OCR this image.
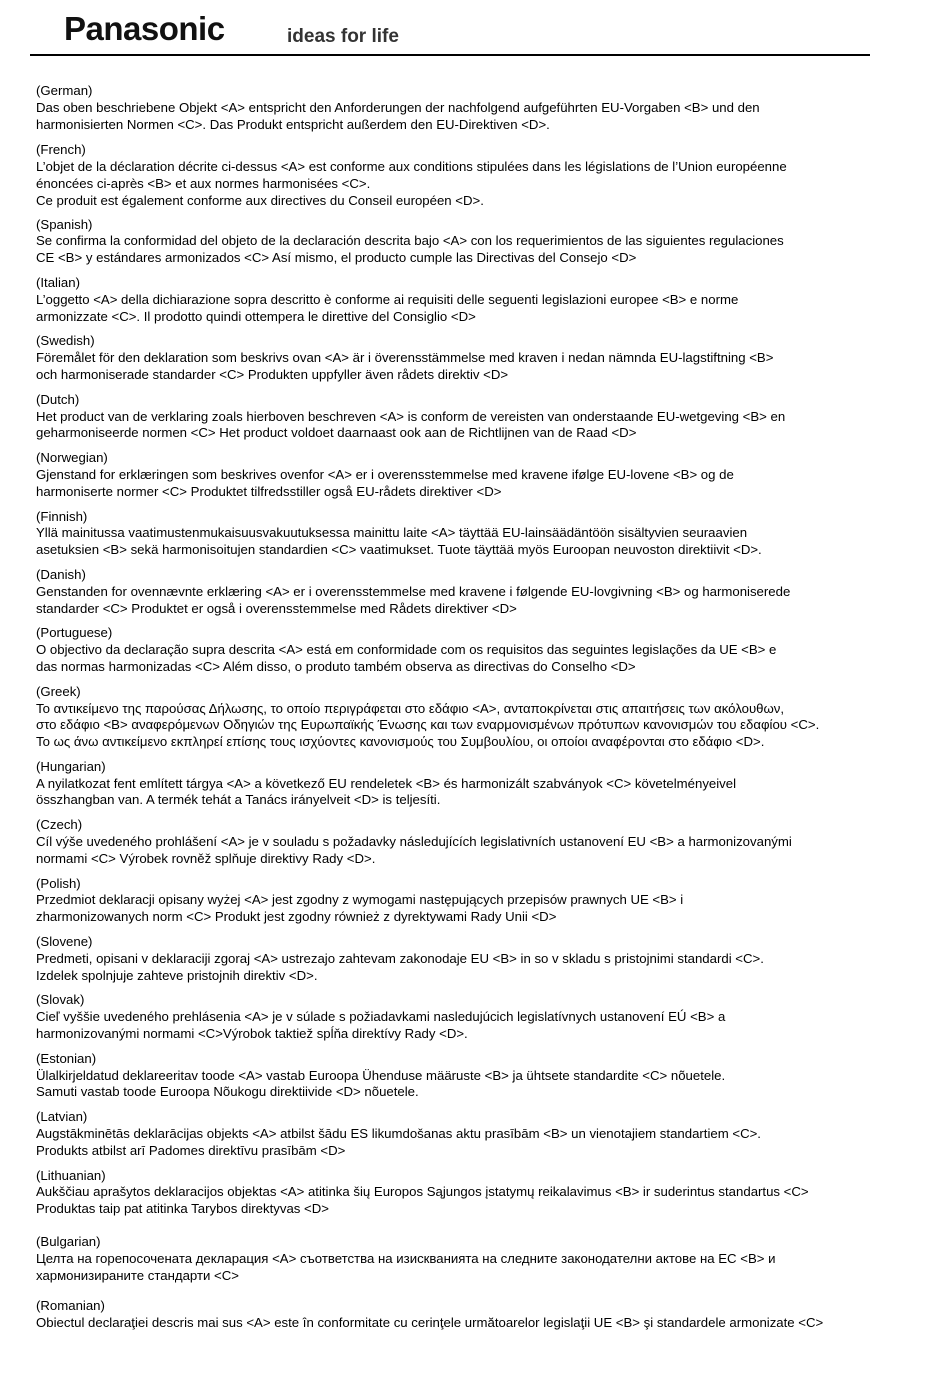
Panasonic	ideas for life
(German)
Das oben beschriebene Objekt <A> entspricht den Anforderungen der nachfolgend aufgeführten EU-Vorgaben <B> und den
harmonisierten Normen <C>. Das Produkt entspricht außerdem den EU-Direktiven <D>.
(French)
L’objet de la déclaration décrite ci-dessus <A> est conforme aux conditions stipulées dans les législations de l’Union européenne
énoncées ci-après <B> et aux normes harmonisées <C>.
Ce produit est également conforme aux directives du Conseil européen <D>.
(Spanish)
Se confirma la conformidad del objeto de la declaración descrita bajo <A> con los requerimientos de las siguientes regulaciones
CE <B> y estándares armonizados <C> Así mismo, el producto cumple las Directivas del Consejo <D>
(Italian)
L’oggetto <A> della dichiarazione sopra descritto è conforme ai requisiti delle seguenti legislazioni europee <B> e norme
armonizzate <C>. Il prodotto quindi ottempera le direttive del Consiglio <D>
(Swedish)
Föremålet för den deklaration som beskrivs ovan <A> är i överensstämmelse med kraven i nedan nämnda EU-lagstiftning <B>
och harmoniserade standarder <C> Produkten uppfyller även rådets direktiv <D>
(Dutch)
Het product van de verklaring zoals hierboven beschreven <A> is conform de vereisten van onderstaande EU-wetgeving <B> en
geharmoniseerde normen <C> Het product voldoet daarnaast ook aan de Richtlijnen van de Raad <D>
(Norwegian)
Gjenstand for erklæringen som beskrives ovenfor <A> er i overensstemmelse med kravene ifølge EU-lovene <B> og de
harmoniserte normer <C> Produktet tilfredsstiller også EU-rådets direktiver <D>
(Finnish)
Yllä mainitussa vaatimustenmukaisuusvakuutuksessa mainittu laite <A> täyttää EU-lainsäädäntöön sisältyvien seuraavien
asetuksien <B> sekä harmonisoitujen standardien <C> vaatimukset. Tuote täyttää myös Euroopan neuvoston direktiivit <D>.
(Danish)
Genstanden for ovennævnte erklæring <A> er i overensstemmelse med kravene i følgende EU-lovgivning <B> og harmoniserede
standarder <C> Produktet er også i overensstemmelse med Rådets direktiver <D>
(Portuguese)
O objectivo da declaração supra descrita <A> está em conformidade com os requisitos das seguintes legislações da UE <B> e
das normas harmonizadas <C> Além disso, o produto também observa as directivas do Conselho <D>
(Greek)
Το αντικείμενο της παρούσας Δήλωσης, το οποίο περιγράφεται στο εδάφιο <A>, ανταποκρίνεται στις απαιτήσεις των ακόλουθων,
στο εδάφιο <B> αναφερόμενων Οδηγιών της Ευρωπαϊκής Ένωσης και των εναρμονισμένων πρότυπων κανονισμών του εδαφίου <C>.
Το ως άνω αντικείμενο εκπληρεί επίσης τους ισχύοντες κανονισμούς του Συμβουλίου, οι οποίοι αναφέρονται στο εδάφιο <D>.
(Hungarian)
A nyilatkozat fent említett tárgya <A> a következő EU rendeletek <B> és harmonizált szabványok <C> követelményeivel
összhangban van. A termék tehát a Tanács irányelveit <D> is teljesíti.
(Czech)
Cíl výše uvedeného prohlášení <A> je v souladu s požadavky následujících legislativních ustanovení EU <B> a harmonizovanými
normami <C> Výrobek rovněž splňuje direktivy Rady <D>.
(Polish)
Przedmiot deklaracji opisany wyżej <A> jest zgodny z wymogami następujących przepisów prawnych UE <B> i
zharmonizowanych norm <C> Produkt jest zgodny również z dyrektywami Rady Unii <D>
(Slovene)
Predmeti, opisani v deklaraciji zgoraj <A> ustrezajo zahtevam zakonodaje EU <B> in so v skladu s pristojnimi standardi <C>.
Izdelek spolnjuje zahteve pristojnih direktiv <D>.
(Slovak)
Cieľ vyššie uvedeného prehlásenia <A> je v súlade s požiadavkami nasledujúcich legislatívnych ustanovení EÚ <B> a
harmonizovanými normami <C>Výrobok taktiež spĺňa direktívy Rady <D>.
(Estonian)
Ülalkirjeldatud deklareeritav toode <A> vastab Euroopa Ühenduse määruste <B> ja ühtsete standardite <C> nõuetele.
Samuti vastab toode Euroopa Nõukogu direktiivide <D> nõuetele.
(Latvian)
Augstākminētās deklarācijas objekts <A> atbilst šādu ES likumdošanas aktu prasībām <B> un vienotajiem standartiem <C>.
Produkts atbilst arī Padomes direktīvu prasībām <D>
(Lithuanian)
Aukščiau aprašytos deklaracijos objektas <A> atitinka šių Europos Sąjungos įstatymų reikalavimus <B> ir suderintus standartus <C>
Produktas taip pat atitinka Tarybos direktyvas <D>
(Bulgarian)
Целта на горепосочената декларация <A> съответства на изискванията на следните законодателни актове на ЕС <B> и
хармонизираните стандарти <C>
(Romanian)
Obiectul declaraţiei descris mai sus <A> este în conformitate cu cerinţele următoarelor legislaţii UE <B> şi standardele armonizate <C>
